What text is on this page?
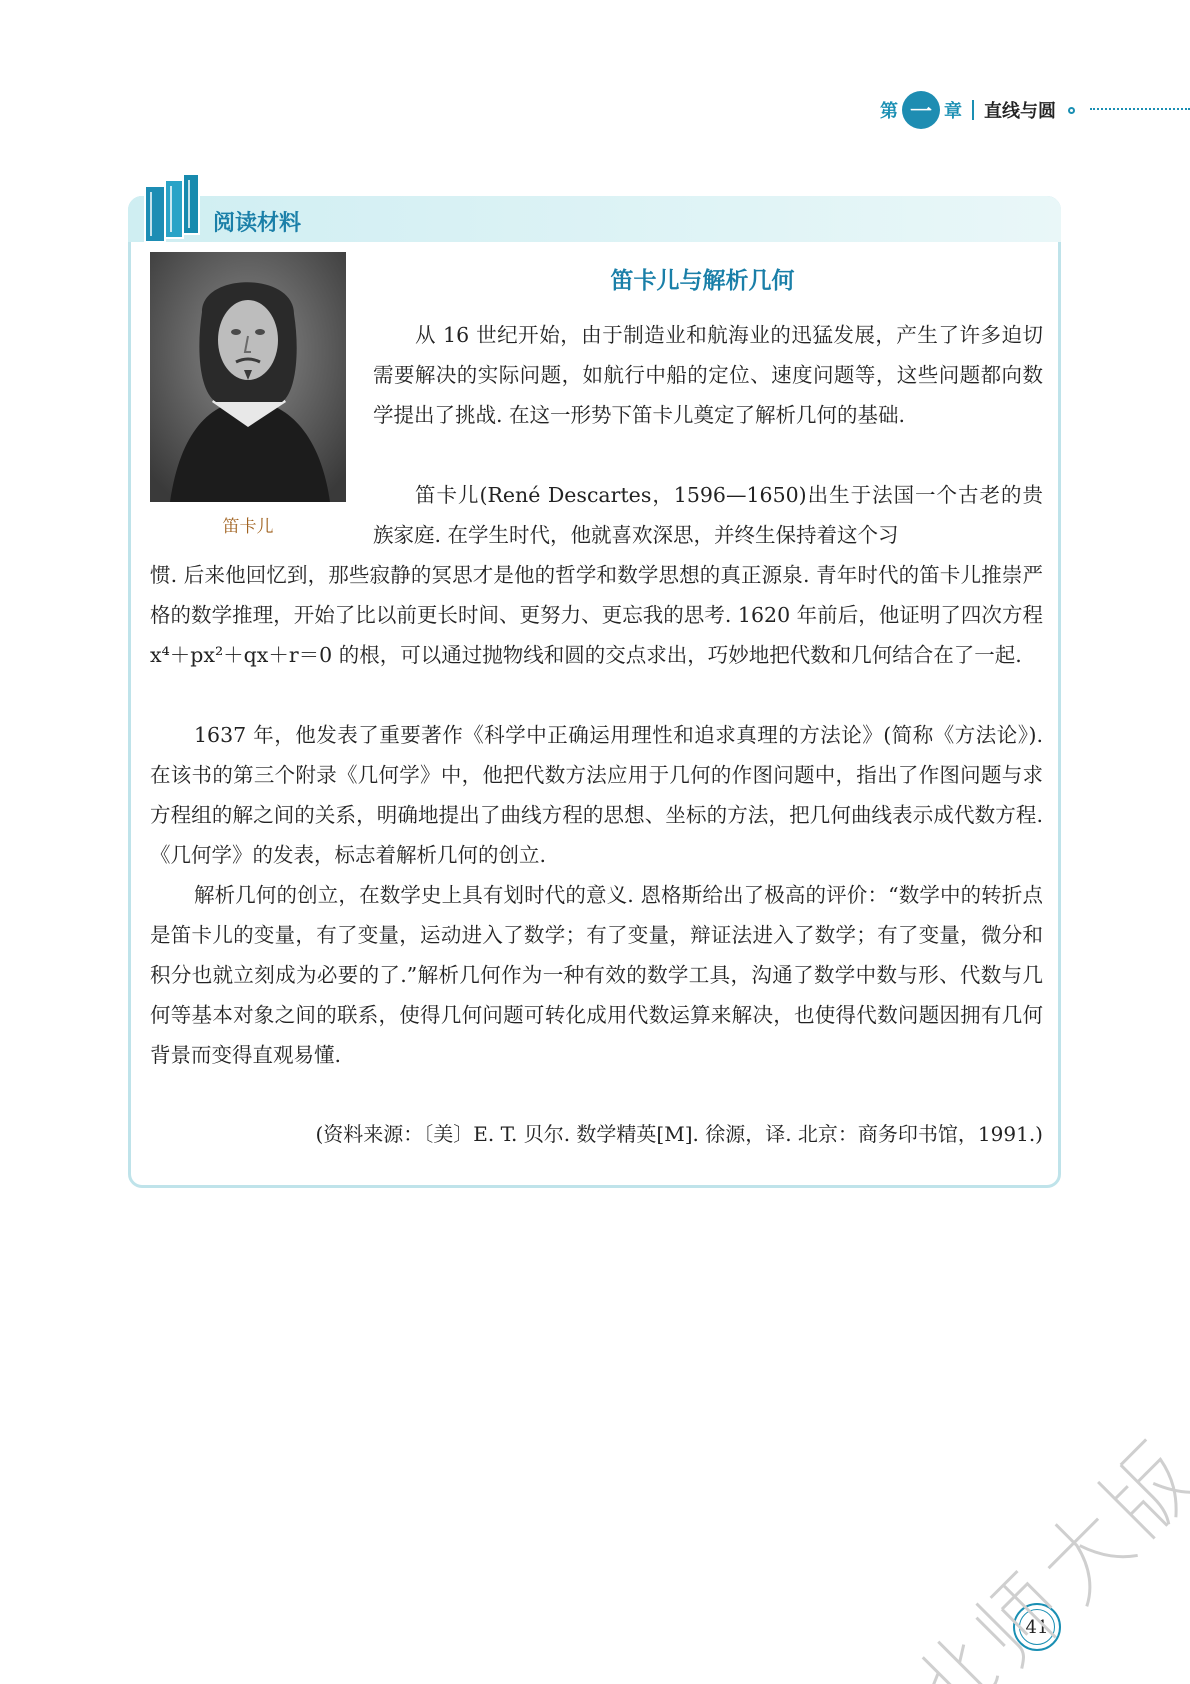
第 一 章 直线与圆
阅读材料
笛卡儿
笛卡儿与解析几何

从 16 世纪开始，由于制造业和航海业的迅猛发展，产生了许多迫切需要解决的实际问题，如航行中船的定位、速度问题等，这些问题都向数学提出了挑战. 在这一形势下笛卡儿奠定了解析几何的基础.

笛卡儿(René Descartes，1596—1650)出生于法国一个古老的贵族家庭. 在学生时代，他就喜欢深思，并终生保持着这个习

惯. 后来他回忆到，那些寂静的冥思才是他的哲学和数学思想的真正源泉. 青年时代的笛卡儿推崇严格的数学推理，开始了比以前更长时间、更努力、更忘我的思考. 1620 年前后，他证明了四次方程 x⁴＋px²＋qx＋r＝0 的根，可以通过抛物线和圆的交点求出，巧妙地把代数和几何结合在了一起.

1637 年，他发表了重要著作《科学中正确运用理性和追求真理的方法论》(简称《方法论》). 在该书的第三个附录《几何学》中，他把代数方法应用于几何的作图问题中，指出了作图问题与求方程组的解之间的关系，明确地提出了曲线方程的思想、坐标的方法，把几何曲线表示成代数方程.《几何学》的发表，标志着解析几何的创立.

解析几何的创立，在数学史上具有划时代的意义. 恩格斯给出了极高的评价：“数学中的转折点是笛卡儿的变量，有了变量，运动进入了数学；有了变量，辩证法进入了数学；有了变量，微分和积分也就立刻成为必要的了.”解析几何作为一种有效的数学工具，沟通了数学中数与形、代数与几何等基本对象之间的联系，使得几何问题可转化成用代数运算来解决，也使得代数问题因拥有几何背景而变得直观易懂.

(资料来源：〔美〕E. T. 贝尔. 数学精英[M]. 徐源，译. 北京：商务印书馆，1991.)
41
